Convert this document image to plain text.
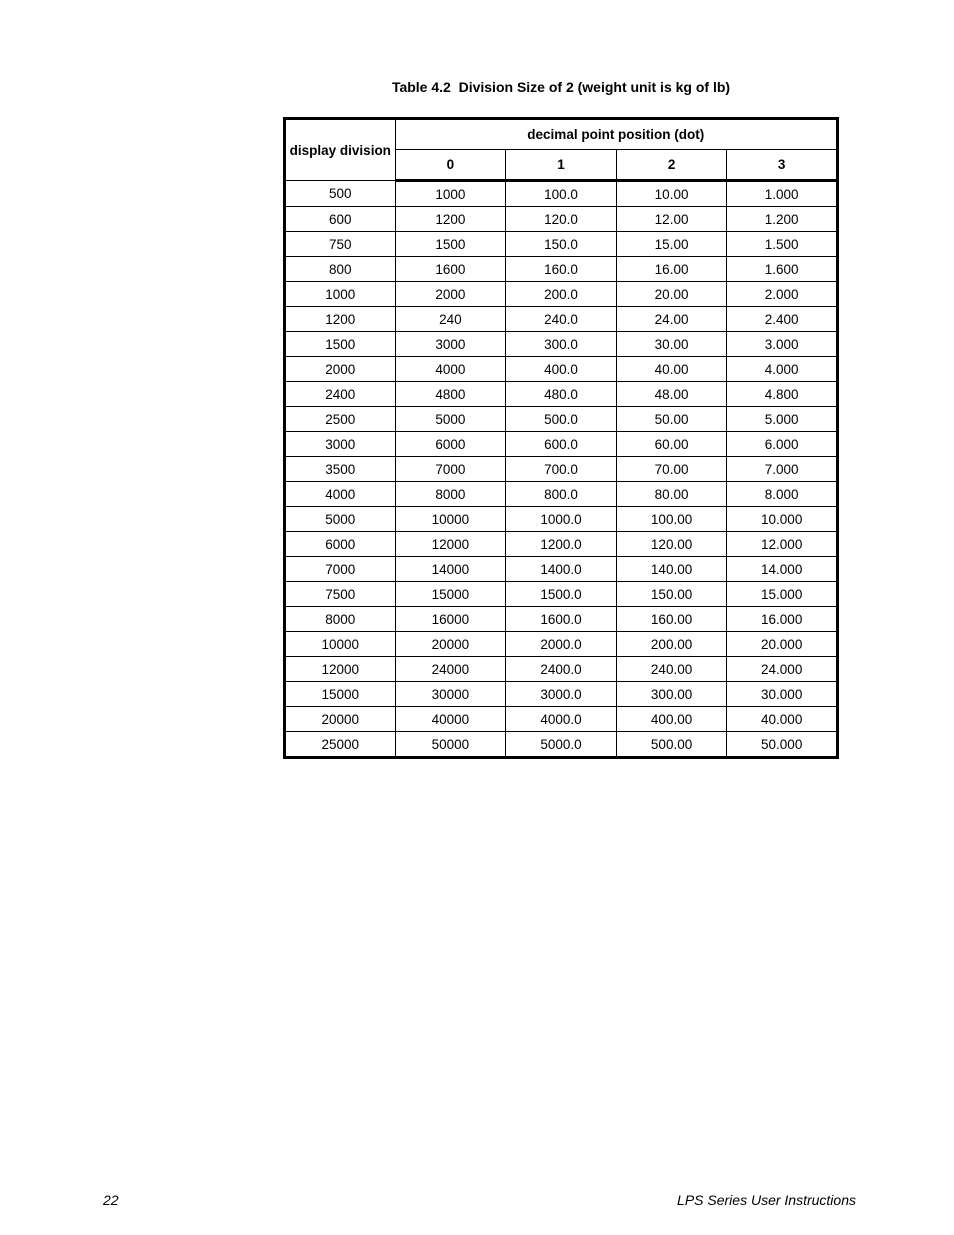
Table 4.2  Division Size of 2 (weight unit is kg of lb)
display division	decimal point position (dot)			
	0	1	2	3
500	1000	100.0	10.00	1.000
600	1200	120.0	12.00	1.200
750	1500	150.0	15.00	1.500
800	1600	160.0	16.00	1.600
1000	2000	200.0	20.00	2.000
1200	240	240.0	24.00	2.400
1500	3000	300.0	30.00	3.000
2000	4000	400.0	40.00	4.000
2400	4800	480.0	48.00	4.800
2500	5000	500.0	50.00	5.000
3000	6000	600.0	60.00	6.000
3500	7000	700.0	70.00	7.000
4000	8000	800.0	80.00	8.000
5000	10000	1000.0	100.00	10.000
6000	12000	1200.0	120.00	12.000
7000	14000	1400.0	140.00	14.000
7500	15000	1500.0	150.00	15.000
8000	16000	1600.0	160.00	16.000
10000	20000	2000.0	200.00	20.000
12000	24000	2400.0	240.00	24.000
15000	30000	3000.0	300.00	30.000
20000	40000	4000.0	400.00	40.000
25000	50000	5000.0	500.00	50.000
22	LPS Series User Instructions
